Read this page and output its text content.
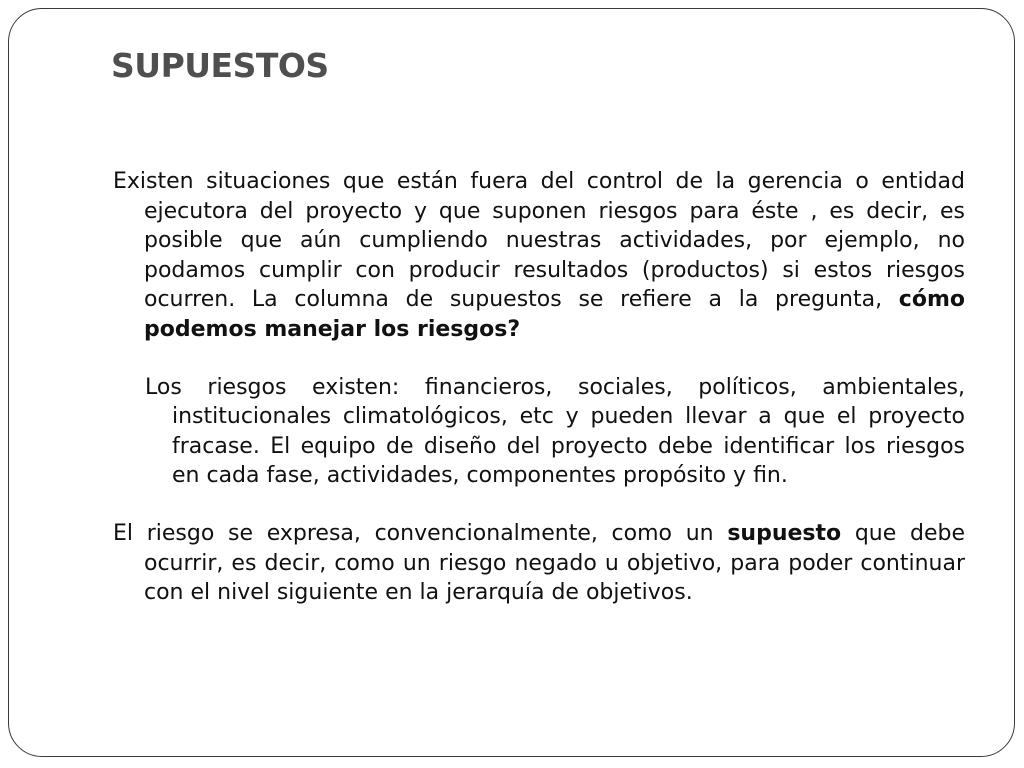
SUPUESTOS

Existen situaciones que están fuera del control de la gerencia o entidad ejecutora del proyecto y que suponen riesgos para éste , es decir, es posible que aún cumpliendo nuestras actividades, por ejemplo, no podamos cumplir con producir resultados (productos) si estos riesgos ocurren. La columna de supuestos se refiere a la pregunta, cómo podemos manejar los riesgos?

Los riesgos existen: financieros, sociales, políticos, ambientales, institucionales climatológicos, etc y pueden llevar a que el proyecto fracase. El equipo de diseño del proyecto debe identificar los riesgos en cada fase, actividades, componentes propósito y fin.

El riesgo se expresa, convencionalmente, como un supuesto que debe ocurrir, es decir, como un riesgo negado u objetivo, para poder continuar con el nivel siguiente en la jerarquía de objetivos.
